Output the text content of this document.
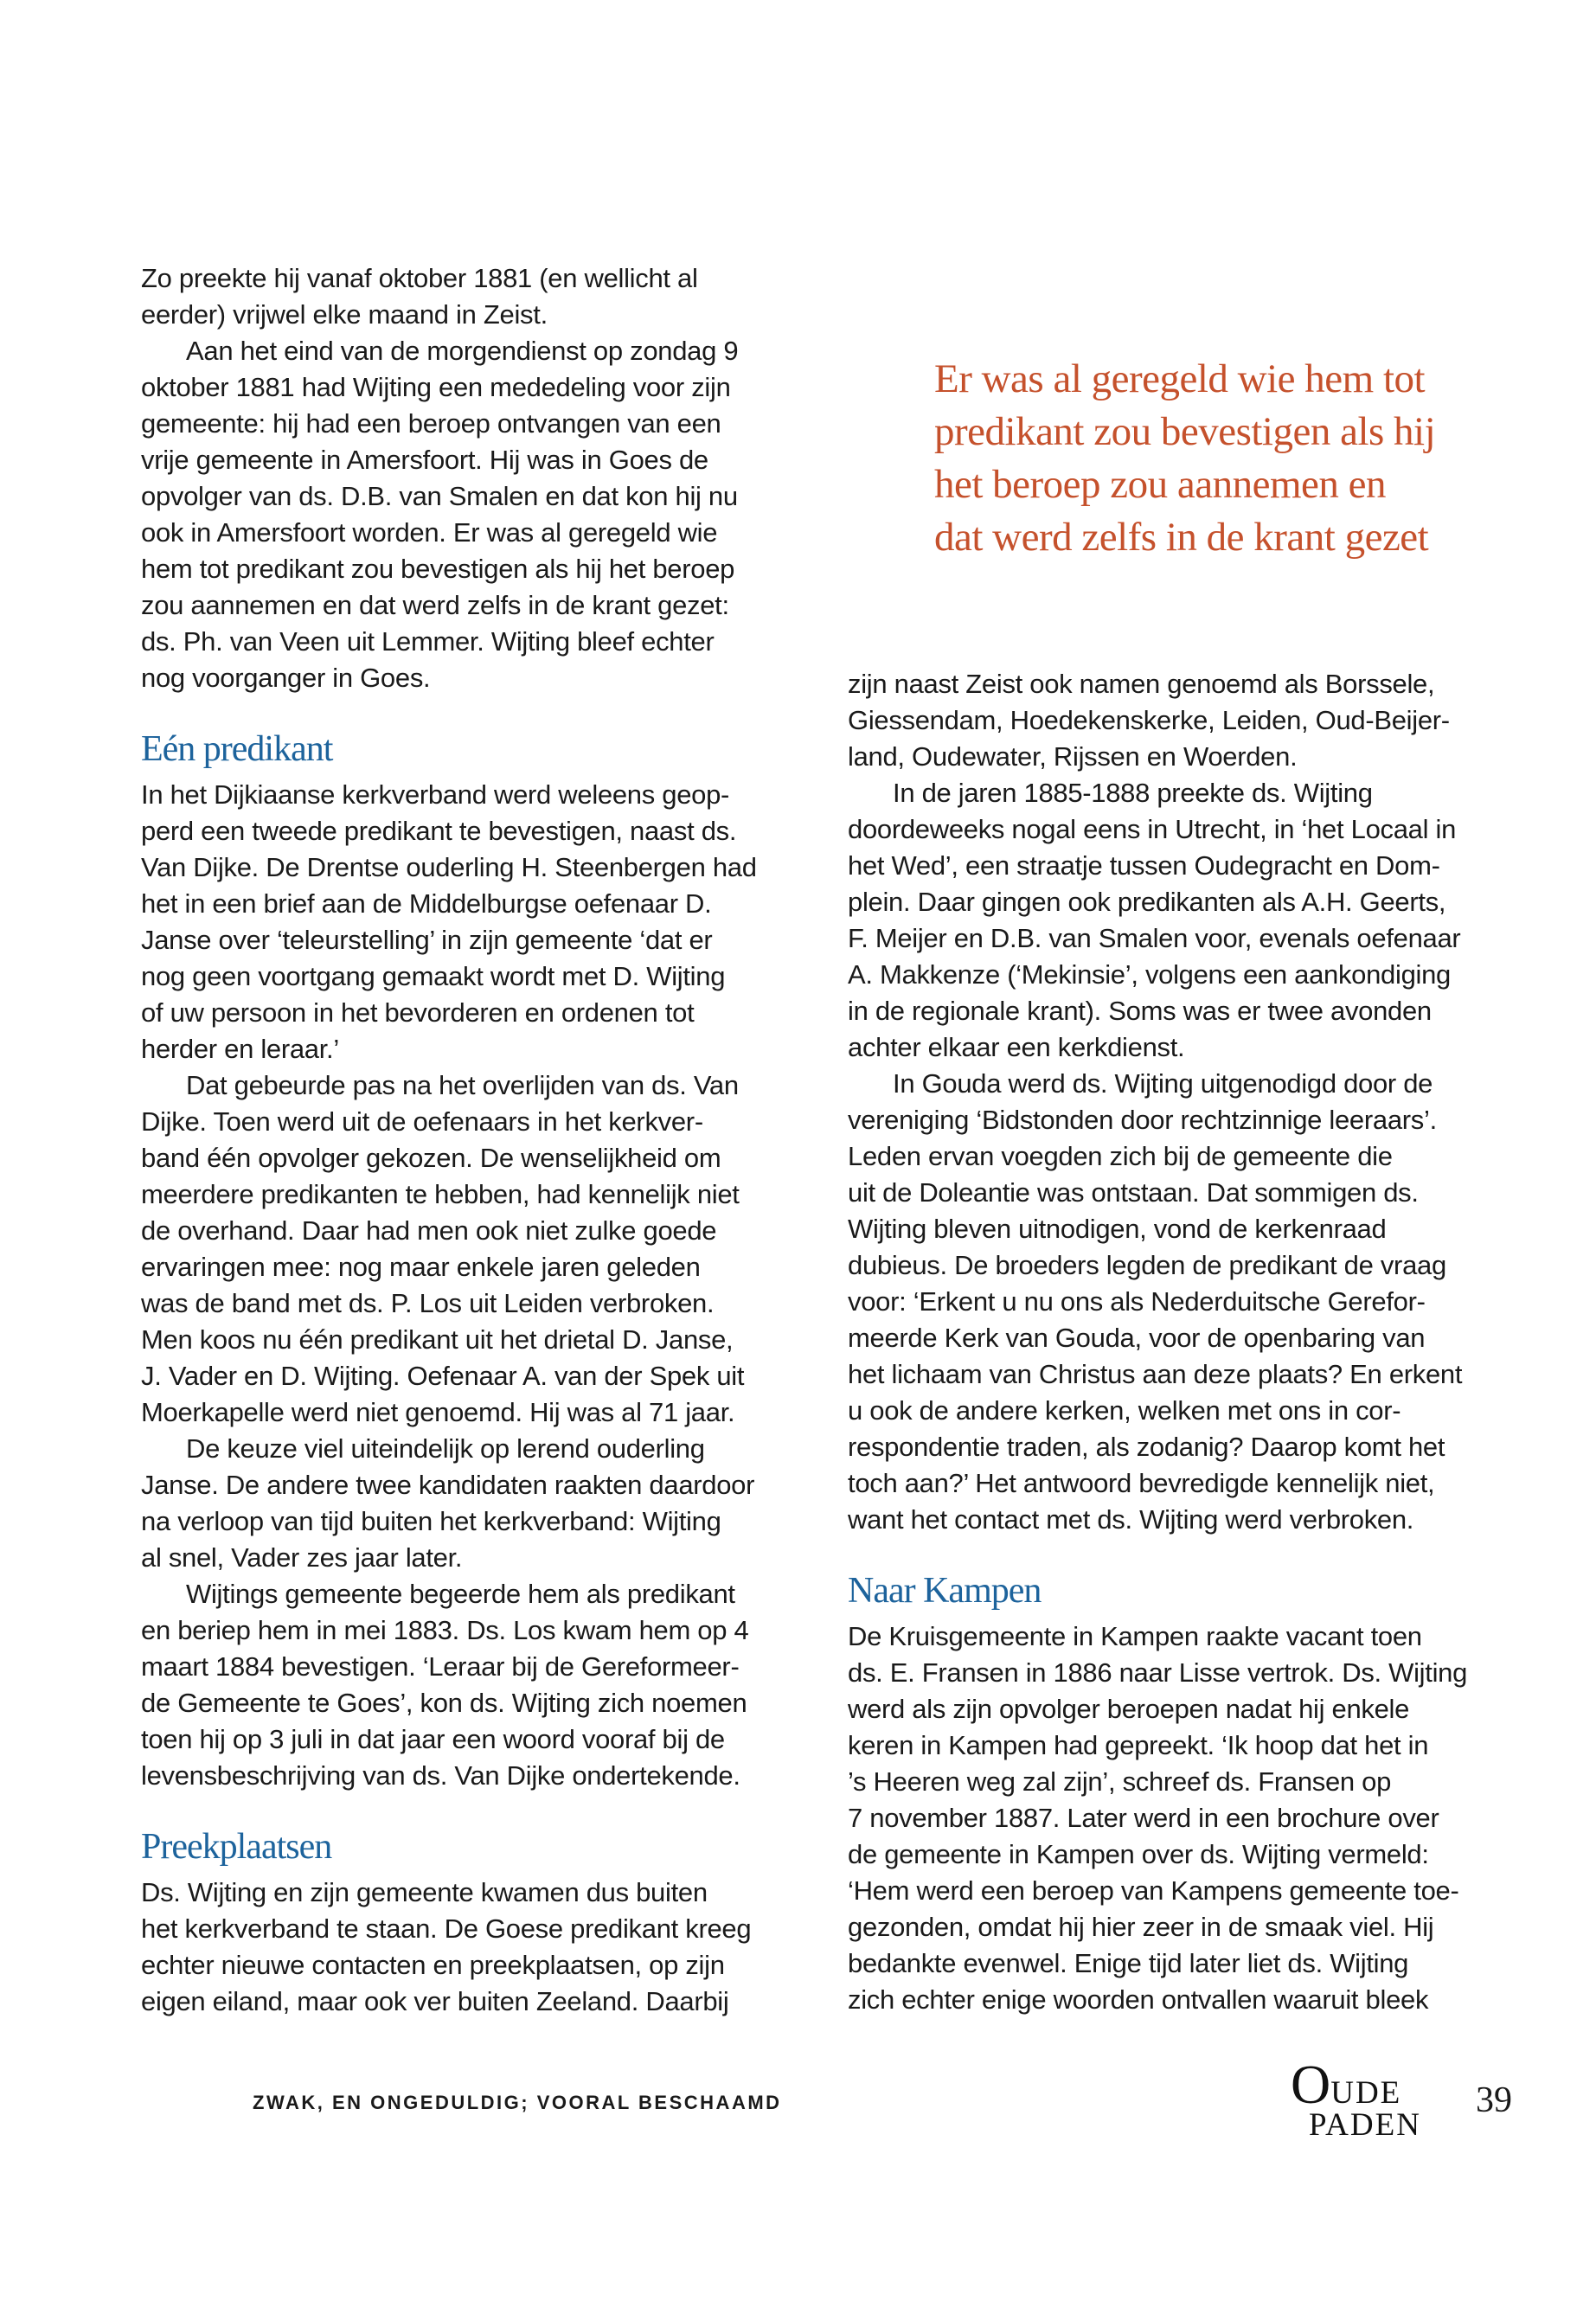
Zo preekte hij vanaf oktober 1881 (en wellicht al
eerder) vrijwel elke maand in Zeist.
Aan het eind van de morgendienst op zondag 9
oktober 1881 had Wijting een mededeling voor zijn
gemeente: hij had een beroep ontvangen van een
vrije gemeente in Amersfoort. Hij was in Goes de
opvolger van ds. D.B. van Smalen en dat kon hij nu
ook in Amersfoort worden. Er was al geregeld wie
hem tot predikant zou bevestigen als hij het beroep
zou aannemen en dat werd zelfs in de krant gezet:
ds. Ph. van Veen uit Lemmer. Wijting bleef echter
nog voorganger in Goes.
Eén predikant
In het Dijkiaanse kerkverband werd weleens geop-
perd een tweede predikant te bevestigen, naast ds.
Van Dijke. De Drentse ouderling H. Steenbergen had
het in een brief aan de Middelburgse oefenaar D.
Janse over ‘teleurstelling’ in zijn gemeente ‘dat er
nog geen voortgang gemaakt wordt met D. Wijting
of uw persoon in het bevorderen en ordenen tot
herder en leraar.’
Dat gebeurde pas na het overlijden van ds. Van
Dijke. Toen werd uit de oefenaars in het kerkver-
band één opvolger gekozen. De wenselijkheid om
meerdere predikanten te hebben, had kennelijk niet
de overhand. Daar had men ook niet zulke goede
ervaringen mee: nog maar enkele jaren geleden
was de band met ds. P. Los uit Leiden verbroken.
Men koos nu één predikant uit het drietal D. Janse,
J. Vader en D. Wijting. Oefenaar A. van der Spek uit
Moerkapelle werd niet genoemd. Hij was al 71 jaar.
De keuze viel uiteindelijk op lerend ouderling
Janse. De andere twee kandidaten raakten daardoor
na verloop van tijd buiten het kerkverband: Wijting
al snel, Vader zes jaar later.
Wijtings gemeente begeerde hem als predikant
en beriep hem in mei 1883. Ds. Los kwam hem op 4
maart 1884 bevestigen. ‘Leraar bij de Gereformeer-
de Gemeente te Goes’, kon ds. Wijting zich noemen
toen hij op 3 juli in dat jaar een woord vooraf bij de
levensbeschrijving van ds. Van Dijke ondertekende.
Preekplaatsen
Ds. Wijting en zijn gemeente kwamen dus buiten
het kerkverband te staan. De Goese predikant kreeg
echter nieuwe contacten en preekplaatsen, op zijn
eigen eiland, maar ook ver buiten Zeeland. Daarbij
Er was al geregeld wie hem tot
predikant zou bevestigen als hij
het beroep zou aannemen en
dat werd zelfs in de krant gezet
zijn naast Zeist ook namen genoemd als Borssele,
Giessendam, Hoedekenskerke, Leiden, Oud-Beijer-
land, Oudewater, Rijssen en Woerden.
In de jaren 1885-1888 preekte ds. Wijting
doordeweeks nogal eens in Utrecht, in ‘het Locaal in
het Wed’, een straatje tussen Oudegracht en Dom-
plein. Daar gingen ook predikanten als A.H. Geerts,
F. Meijer en D.B. van Smalen voor, evenals oefenaar
A. Makkenze (‘Mekinsie’, volgens een aankondiging
in de regionale krant). Soms was er twee avonden
achter elkaar een kerkdienst.
In Gouda werd ds. Wijting uitgenodigd door de
vereniging ‘Bidstonden door rechtzinnige leeraars’.
Leden ervan voegden zich bij de gemeente die
uit de Doleantie was ontstaan. Dat sommigen ds.
Wijting bleven uitnodigen, vond de kerkenraad
dubieus. De broeders legden de predikant de vraag
voor: ‘Erkent u nu ons als Nederduitsche Gerefor-
meerde Kerk van Gouda, voor de openbaring van
het lichaam van Christus aan deze plaats? En erkent
u ook de andere kerken, welken met ons in cor-
respondentie traden, als zodanig? Daarop komt het
toch aan?’ Het antwoord bevredigde kennelijk niet,
want het contact met ds. Wijting werd verbroken.
Naar Kampen
De Kruisgemeente in Kampen raakte vacant toen
ds. E. Fransen in 1886 naar Lisse vertrok. Ds. Wijting
werd als zijn opvolger beroepen nadat hij enkele
keren in Kampen had gepreekt. ‘Ik hoop dat het in
’s Heeren weg zal zijn’, schreef ds. Fransen op
7 november 1887. Later werd in een brochure over
de gemeente in Kampen over ds. Wijting vermeld:
‘Hem werd een beroep van Kampens gemeente toe-
gezonden, omdat hij hier zeer in de smaak viel. Hij
bedankte evenwel. Enige tijd later liet ds. Wijting
zich echter enige woorden ontvallen waaruit bleek
ZWAK, EN ONGEDULDIG; VOORAL BESCHAAMD	OUDE
PADEN
39
